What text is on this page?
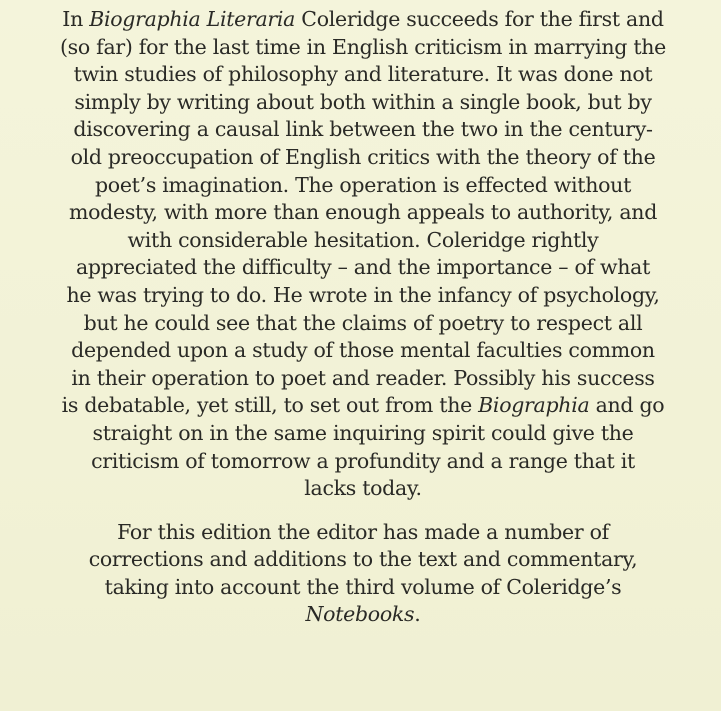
In Biographia Literaria Coleridge succeeds for the first and
(so far) for the last time in English criticism in marrying the
twin studies of philosophy and literature. It was done not
simply by writing about both within a single book, but by
discovering a causal link between the two in the century-
old preoccupation of English critics with the theory of the
poet’s imagination. The operation is effected without
modesty, with more than enough appeals to authority, and
with considerable hesitation. Coleridge rightly
appreciated the difficulty – and the importance – of what
he was trying to do. He wrote in the infancy of psychology,
but he could see that the claims of poetry to respect all
depended upon a study of those mental faculties common
in their operation to poet and reader. Possibly his success
is debatable, yet still, to set out from the Biographia and go
straight on in the same inquiring spirit could give the
criticism of tomorrow a profundity and a range that it
lacks today.

For this edition the editor has made a number of
corrections and additions to the text and commentary,
taking into account the third volume of Coleridge’s
Notebooks.
